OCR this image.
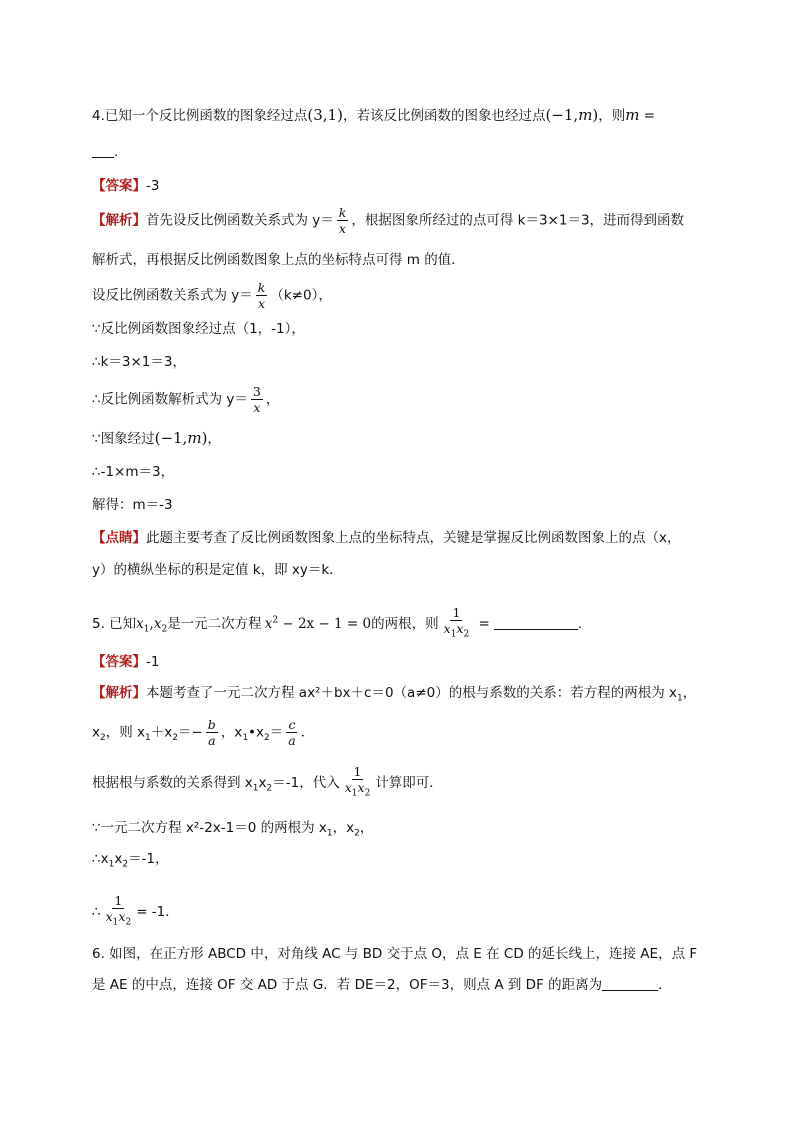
4.已知一个反比例函数的图象经过点(3,1)，若该反比例函数的图象也经过点(−1,m)，则m =
.
【答案】-3
【解析】首先设反比例函数关系式为 $y= \frac{k}{x}$ ，根据图象所经过的点可得 k＝3×1＝3，进而得到函数
解析式，再根据反比例函数图象上点的坐标特点可得 m 的值．
设反比例函数关系式为 $y= \frac{k}{x} (k\ne 0)$，
∵反比例函数图象经过点（1，-1），
∴k＝3×1＝3，
∴反比例函数解析式为 $y= \frac{3}{x}$ ，
∵图象经过(−1,m)，
∴-1×m＝3，
解得：m＝-3
【点睛】此题主要考查了反比例函数图象上点的坐标特点，关键是掌握反比例函数图象上的点（x，
y）的横纵坐标的积是定值 k，即 xy＝k．
5. 已知$x_1,x_2$是一元二次方程 $x^2 - 2x - 1 = 0$的两根，则 $\frac{1}{x_1x_2}$ =	．
【答案】-1
【解析】本题考查了一元二次方程 ax²＋bx＋c＝0（a≠0）的根与系数的关系：若方程的两根为 $x_1$，
$x_2$，则 $x_1+x_2=- \frac{b}{a}$ ，$x_1•x_2= \frac{c}{a}$ ．
根据根与系数的关系得到 $x_1x_2=-1$，代入 $\frac{1}{x_1x_2}$ 计算即可．
∵一元二次方程 x²-2x-1＝0 的两根为 $x_1$，$x_2$，
$\therefore x_1x_2=-1$，
∴ $\frac{1}{x_1x_2} = -1$．
6. 如图，在正方形 ABCD 中，对角线 AC 与 BD 交于点 O，点 E 在 CD 的延长线上，连接 AE，点 F
是 AE 的中点，连接 OF 交 AD 于点 G．若 DE＝2，OF＝3，则点 A 到 DF 的距离为	．
